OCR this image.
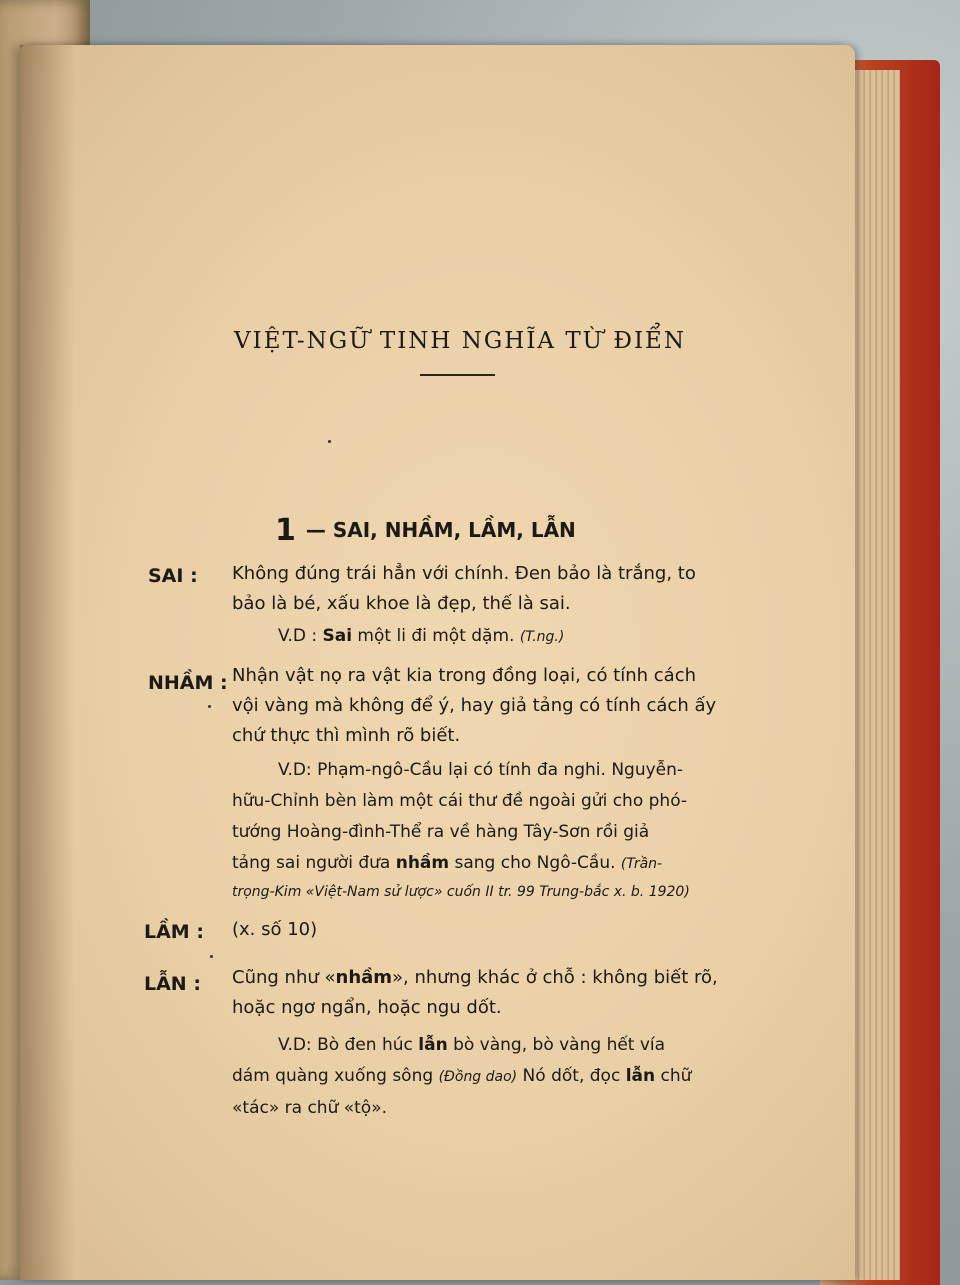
VIỆT-NGỮ TINH NGHĨA TỪ ĐIỂN
1 — SAI, NHẦM, LẦM, LẪN
SAI : Không đúng trái hẳn với chính. Đen bảo là trắng, to
bảo là bé, xấu khoe là đẹp, thế là sai.
V.D : Sai một li đi một dặm. (T.ng.)
NHẦM : Nhận vật nọ ra vật kia trong đồng loại, có tính cách
vội vàng mà không để ý, hay giả tảng có tính cách ấy
chứ thực thì mình rõ biết.
V.D: Phạm-ngô-Cầu lại có tính đa nghi. Nguyễn-
hữu-Chỉnh bèn làm một cái thư đề ngoài gửi cho phó-
tướng Hoàng-đình-Thể ra về hàng Tây-Sơn rồi giả
tảng sai người đưa nhầm sang cho Ngô-Cầu. (Trần-
trọng-Kim «Việt-Nam sử lược» cuốn II tr. 99 Trung-bắc x. b. 1920)
LẦM : (x. số 10)
LẪN : Cũng như «nhầm», nhưng khác ở chỗ : không biết rõ,
hoặc ngơ ngẩn, hoặc ngu dốt.
V.D: Bò đen húc lẫn bò vàng, bò vàng hết vía
dám quàng xuống sông (Đồng dao) Nó dốt, đọc lẫn chữ
«tác» ra chữ «tộ».
